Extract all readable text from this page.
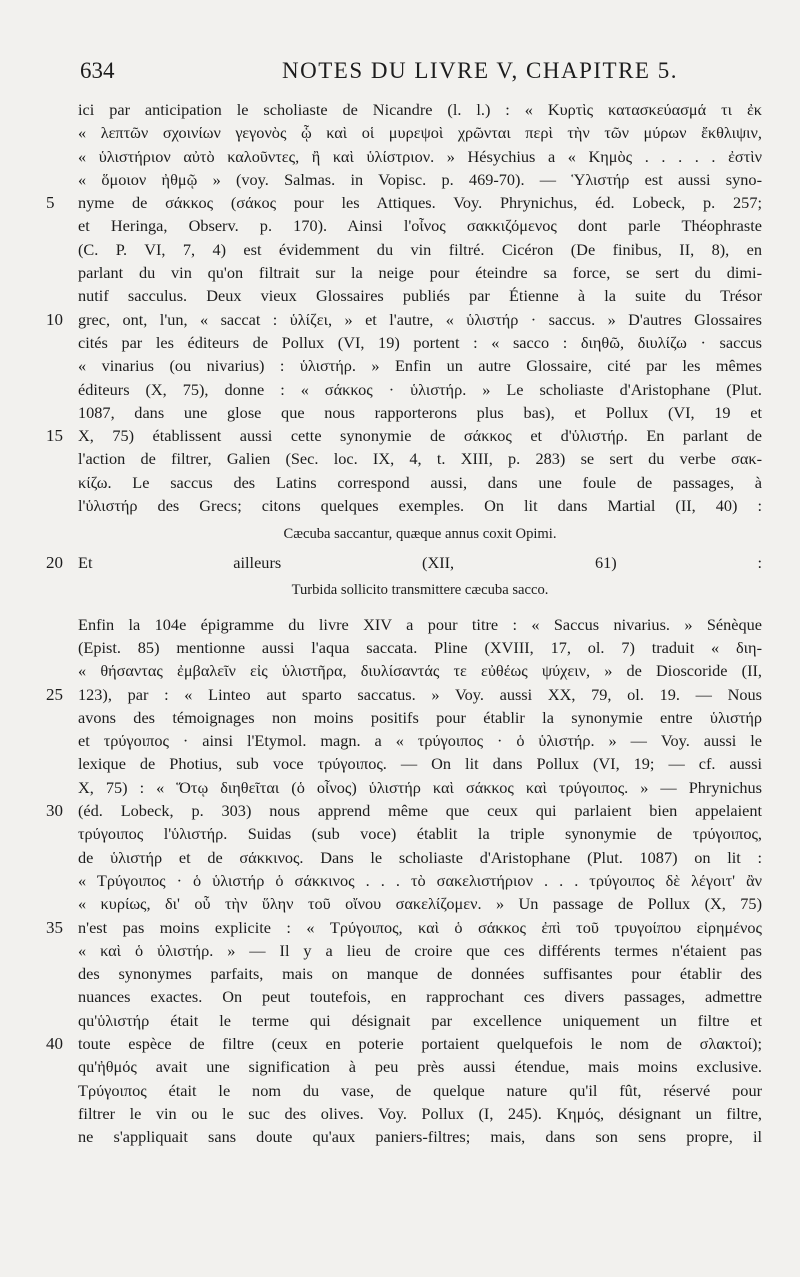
634	NOTES DU LIVRE V, CHAPITRE 5.
ici par anticipation le scholiaste de Nicandre (l. l.) : « Κυρτὶς κατασκεύασμά τι ἐκ
« λεπτῶν σχοινίων γεγονὸς ᾧ καὶ οἱ μυρεψοὶ χρῶνται περὶ τὴν τῶν μύρων ἔκθλιψιν,
« ὑλιστήριον αὐτὸ καλοῦντες, ἢ καὶ ὑλίστριον. » Hésychius a « Κημὸς . . . . . ἐστὶν
« ὅμοιον ἠθμῷ » (voy. Salmas. in Vopisc. p. 469-70). — Ὑλιστήρ est aussi syno-
5 nyme de σάκκος (σάκος pour les Attiques. Voy. Phrynichus, éd. Lobeck, p. 257;
et Heringa, Observ. p. 170). Ainsi l'οἶνος σακκιζόμενος dont parle Théophraste
(C. P. VI, 7, 4) est évidemment du vin filtré. Cicéron (De finibus, II, 8), en
parlant du vin qu'on filtrait sur la neige pour éteindre sa force, se sert du dimi-
nutif sacculus. Deux vieux Glossaires publiés par Étienne à la suite du Trésor
10 grec, ont, l'un, « saccat : ὑλίζει, » et l'autre, « ὑλιστήρ · saccus. » D'autres Glossaires
cités par les éditeurs de Pollux (VI, 19) portent : « sacco : διηθῶ, διυλίζω · saccus
« vinarius (ou nivarius) : ὑλιστήρ. » Enfin un autre Glossaire, cité par les mêmes
éditeurs (X, 75), donne : « σάκκος · ὑλιστήρ. » Le scholiaste d'Aristophane (Plut.
1087, dans une glose que nous rapporterons plus bas), et Pollux (VI, 19 et
15 X, 75) établissent aussi cette synonymie de σάκκος et d'ὑλιστήρ. En parlant de
l'action de filtrer, Galien (Sec. loc. IX, 4, t. XIII, p. 283) se sert du verbe σακ-
κίζω. Le saccus des Latins correspond aussi, dans une foule de passages, à
l'ὑλιστήρ des Grecs; citons quelques exemples. On lit dans Martial (II, 40) :
Cæcuba saccantur, quæque annus coxit Opimi.
20 Et ailleurs (XII, 61) :
Turbida sollicito transmittere cæcuba sacco.
Enfin la 104e épigramme du livre XIV a pour titre : « Saccus nivarius. » Sénèque
(Epist. 85) mentionne aussi l'aqua saccata. Pline (XVIII, 17, ol. 7) traduit « διη-
« θήσαντας ἐμβαλεῖν εἰς ὑλιστῆρα, διυλίσαντάς τε εὐθέως ψύχειν, » de Dioscoride (II,
25 123), par : « Linteo aut sparto saccatus. » Voy. aussi XX, 79, ol. 19. — Nous
avons des témoignages non moins positifs pour établir la synonymie entre ὑλιστήρ
et τρύγοιπος · ainsi l'Etymol. magn. a « τρύγοιπος · ὁ ὑλιστήρ. » — Voy. aussi le
lexique de Photius, sub voce τρύγοιπος. — On lit dans Pollux (VI, 19; — cf. aussi
X, 75) : « Ὅτῳ διηθεῖται (ὁ οἶνος) ὑλιστήρ καὶ σάκκος καὶ τρύγοιπος. » — Phrynichus
30 (éd. Lobeck, p. 303) nous apprend même que ceux qui parlaient bien appelaient
τρύγοιπος l'ὑλιστήρ. Suidas (sub voce) établit la triple synonymie de τρύγοιπος,
de ὑλιστήρ et de σάκκινος. Dans le scholiaste d'Aristophane (Plut. 1087) on lit :
« Τρύγοιπος · ὁ ὑλιστήρ ὁ σάκκινος . . . τὸ σακελιστήριον . . . τρύγοιπος δὲ λέγοιτ' ἂν
« κυρίως, δι' οὗ τὴν ὕλην τοῦ οἴνου σακελίζομεν. » Un passage de Pollux (X, 75)
35 n'est pas moins explicite : « Τρύγοιπος, καὶ ὁ σάκκος ἐπὶ τοῦ τρυγοίπου εἰρημένος
« καὶ ὁ ὑλιστήρ. » — Il y a lieu de croire que ces différents termes n'étaient pas
des synonymes parfaits, mais on manque de données suffisantes pour établir des
nuances exactes. On peut toutefois, en rapprochant ces divers passages, admettre
qu'ὑλιστήρ était le terme qui désignait par excellence uniquement un filtre et
40 toute espèce de filtre (ceux en poterie portaient quelquefois le nom de σλακτοί);
qu'ἠθμός avait une signification à peu près aussi étendue, mais moins exclusive.
Τρύγοιπος était le nom du vase, de quelque nature qu'il fût, réservé pour
filtrer le vin ou le suc des olives. Voy. Pollux (I, 245). Κημός, désignant un filtre,
ne s'appliquait sans doute qu'aux paniers-filtres; mais, dans son sens propre, il
